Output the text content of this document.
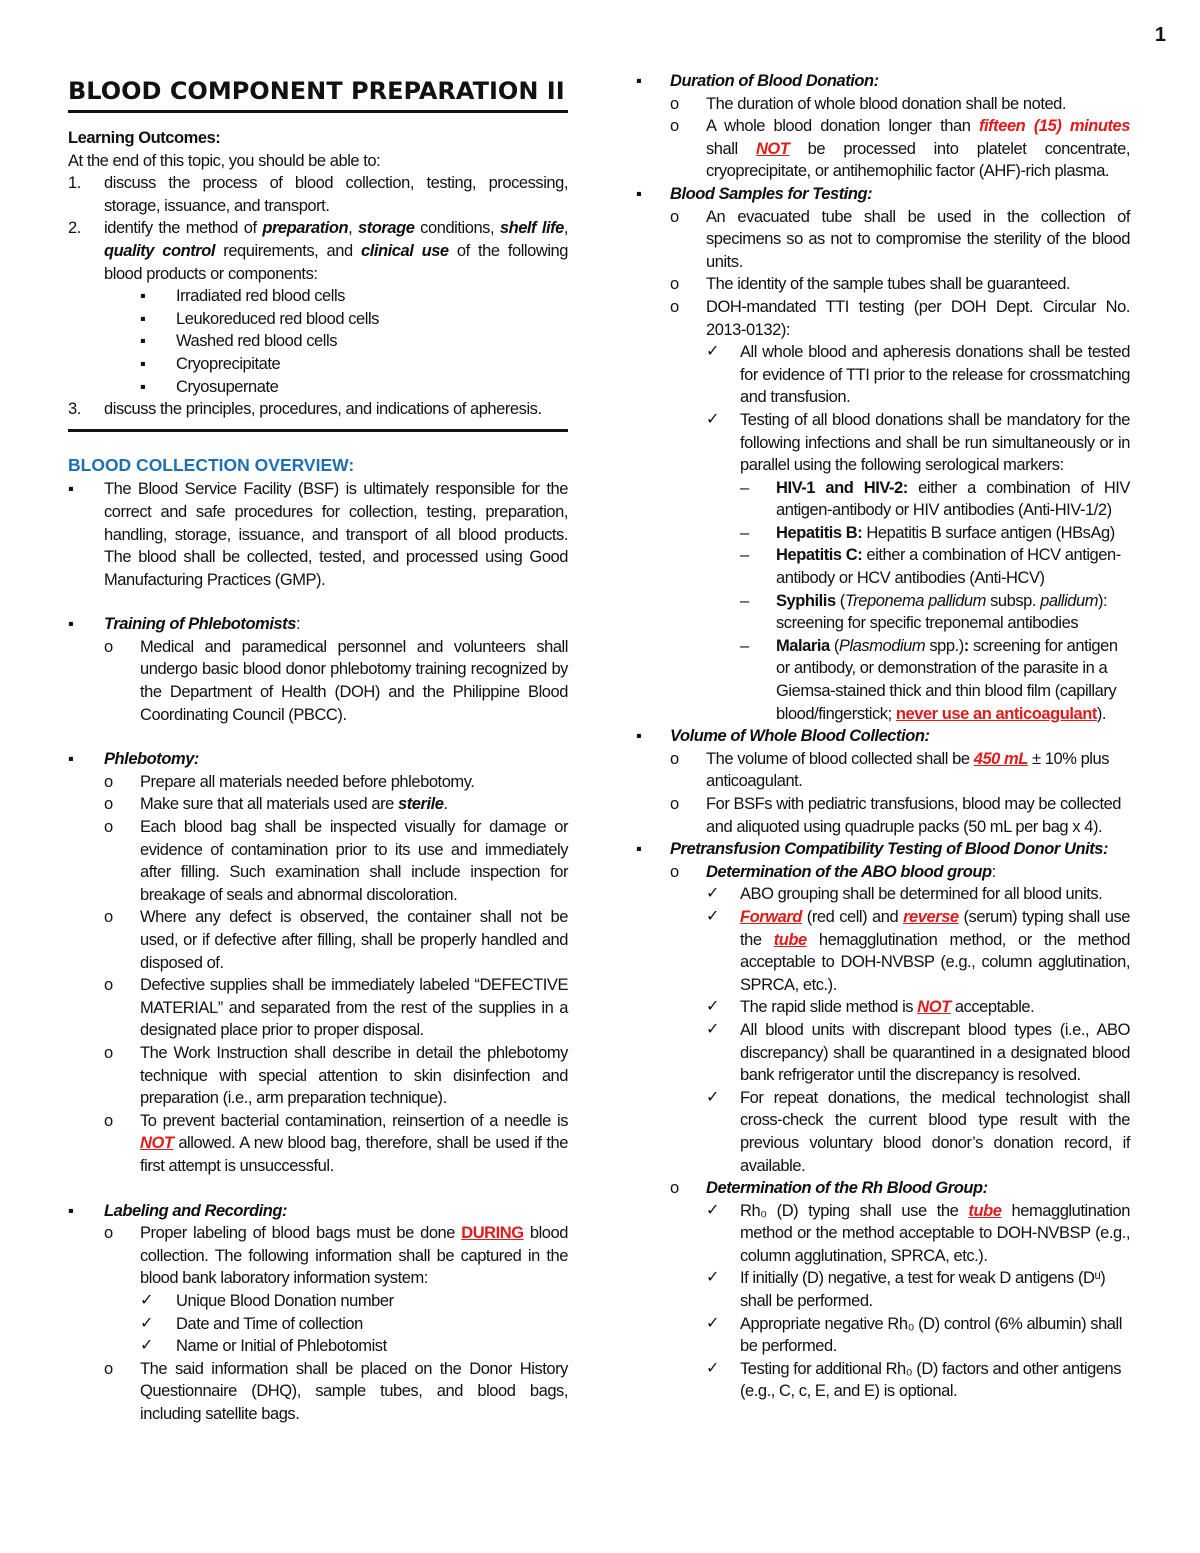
1
BLOOD COMPONENT PREPARATION II
Learning Outcomes:
At the end of this topic, you should be able to:
1.	discuss the process of blood collection, testing, processing, storage, issuance, and transport.
2.	identify the method of preparation, storage conditions, shelf life, quality control requirements, and clinical use of the following blood products or components:
▪	Irradiated red blood cells
▪	Leukoreduced red blood cells
▪	Washed red blood cells
▪	Cryoprecipitate
▪	Cryosupernate
3.	discuss the principles, procedures, and indications of apheresis.
BLOOD COLLECTION OVERVIEW:
▪	The Blood Service Facility (BSF) is ultimately responsible for the correct and safe procedures for collection, testing, preparation, handling, storage, issuance, and transport of all blood products. The blood shall be collected, tested, and processed using Good Manufacturing Practices (GMP).
▪	Training of Phlebotomists:
o	Medical and paramedical personnel and volunteers shall undergo basic blood donor phlebotomy training recognized by the Department of Health (DOH) and the Philippine Blood Coordinating Council (PBCC).
▪	Phlebotomy:
o	Prepare all materials needed before phlebotomy.
o	Make sure that all materials used are sterile.
o	Each blood bag shall be inspected visually for damage or evidence of contamination prior to its use and immediately after filling. Such examination shall include inspection for breakage of seals and abnormal discoloration.
o	Where any defect is observed, the container shall not be used, or if defective after filling, shall be properly handled and disposed of.
o	Defective supplies shall be immediately labeled “DEFECTIVE MATERIAL” and separated from the rest of the supplies in a designated place prior to proper disposal.
o	The Work Instruction shall describe in detail the phlebotomy technique with special attention to skin disinfection and preparation (i.e., arm preparation technique).
o	To prevent bacterial contamination, reinsertion of a needle is NOT allowed. A new blood bag, therefore, shall be used if the first attempt is unsuccessful.
▪	Labeling and Recording:
o	Proper labeling of blood bags must be done DURING blood collection. The following information shall be captured in the blood bank laboratory information system:
✓	Unique Blood Donation number
✓	Date and Time of collection
✓	Name or Initial of Phlebotomist
o	The said information shall be placed on the Donor History Questionnaire (DHQ), sample tubes, and blood bags, including satellite bags.
▪	Duration of Blood Donation:
o	The duration of whole blood donation shall be noted.
o	A whole blood donation longer than fifteen (15) minutes shall NOT be processed into platelet concentrate, cryoprecipitate, or antihemophilic factor (AHF)-rich plasma.
▪	Blood Samples for Testing:
o	An evacuated tube shall be used in the collection of specimens so as not to compromise the sterility of the blood units.
o	The identity of the sample tubes shall be guaranteed.
o	DOH-mandated TTI testing (per DOH Dept. Circular No. 2013-0132):
✓	All whole blood and apheresis donations shall be tested for evidence of TTI prior to the release for crossmatching and transfusion.
✓	Testing of all blood donations shall be mandatory for the following infections and shall be run simultaneously or in parallel using the following serological markers:
–	HIV-1 and HIV-2: either a combination of HIV antigen-antibody or HIV antibodies (Anti-HIV-1/2)
–	Hepatitis B: Hepatitis B surface antigen (HBsAg)
–	Hepatitis C: either a combination of HCV antigen-antibody or HCV antibodies (Anti-HCV)
–	Syphilis (Treponema pallidum subsp. pallidum): screening for specific treponemal antibodies
–	Malaria (Plasmodium spp.): screening for antigen or antibody, or demonstration of the parasite in a Giemsa-stained thick and thin blood film (capillary blood/fingerstick; never use an anticoagulant).
▪	Volume of Whole Blood Collection:
o	The volume of blood collected shall be 450 mL ± 10% plus anticoagulant.
o	For BSFs with pediatric transfusions, blood may be collected and aliquoted using quadruple packs (50 mL per bag x 4).
▪	Pretransfusion Compatibility Testing of Blood Donor Units:
o	Determination of the ABO blood group:
✓	ABO grouping shall be determined for all blood units.
✓	Forward (red cell) and reverse (serum) typing shall use the tube hemagglutination method, or the method acceptable to DOH-NVBSP (e.g., column agglutination, SPRCA, etc.).
✓	The rapid slide method is NOT acceptable.
✓	All blood units with discrepant blood types (i.e., ABO discrepancy) shall be quarantined in a designated blood bank refrigerator until the discrepancy is resolved.
✓	For repeat donations, the medical technologist shall cross-check the current blood type result with the previous voluntary blood donor’s donation record, if available.
o	Determination of the Rh Blood Group:
✓	Rh₀ (D) typing shall use the tube hemagglutination method or the method acceptable to DOH-NVBSP (e.g., column agglutination, SPRCA, etc.).
✓	If initially (D) negative, a test for weak D antigens (Dᵘ) shall be performed.
✓	Appropriate negative Rh₀ (D) control (6% albumin) shall be performed.
✓	Testing for additional Rh₀ (D) factors and other antigens (e.g., C, c, E, and E) is optional.
